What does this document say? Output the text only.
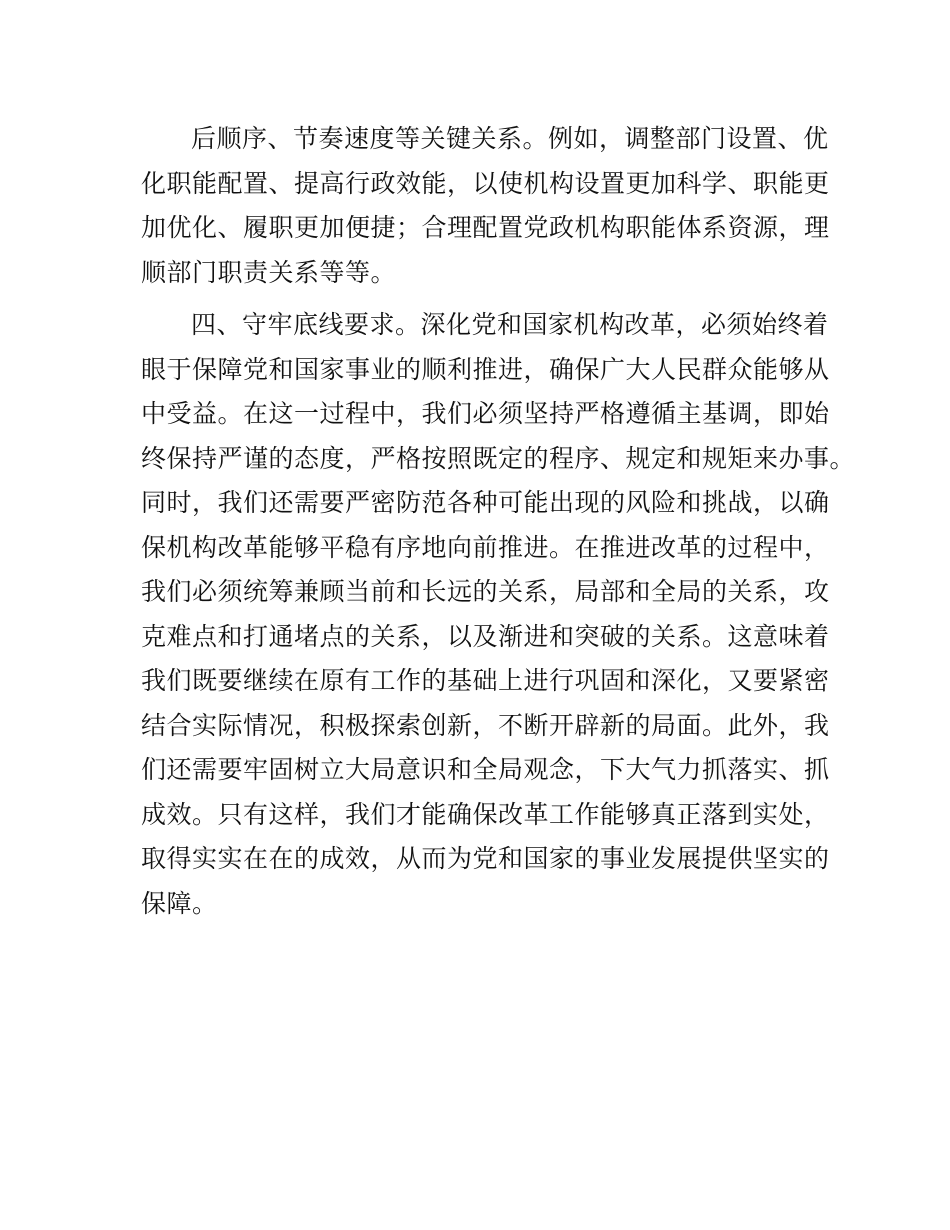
后顺序、节奏速度等关键关系。例如，调整部门设置、优
化职能配置、提高行政效能，以使机构设置更加科学、职能更
加优化、履职更加便捷；合理配置党政机构职能体系资源，理
顺部门职责关系等等。
四、守牢底线要求。深化党和国家机构改革，必须始终着
眼于保障党和国家事业的顺利推进，确保广大人民群众能够从
中受益。在这一过程中，我们必须坚持严格遵循主基调，即始
终保持严谨的态度，严格按照既定的程序、规定和规矩来办事。
同时，我们还需要严密防范各种可能出现的风险和挑战，以确
保机构改革能够平稳有序地向前推进。在推进改革的过程中，
我们必须统筹兼顾当前和长远的关系，局部和全局的关系，攻
克难点和打通堵点的关系，以及渐进和突破的关系。这意味着
我们既要继续在原有工作的基础上进行巩固和深化，又要紧密
结合实际情况，积极探索创新，不断开辟新的局面。此外，我
们还需要牢固树立大局意识和全局观念，下大气力抓落实、抓
成效。只有这样，我们才能确保改革工作能够真正落到实处，
取得实实在在的成效，从而为党和国家的事业发展提供坚实的
保障。
